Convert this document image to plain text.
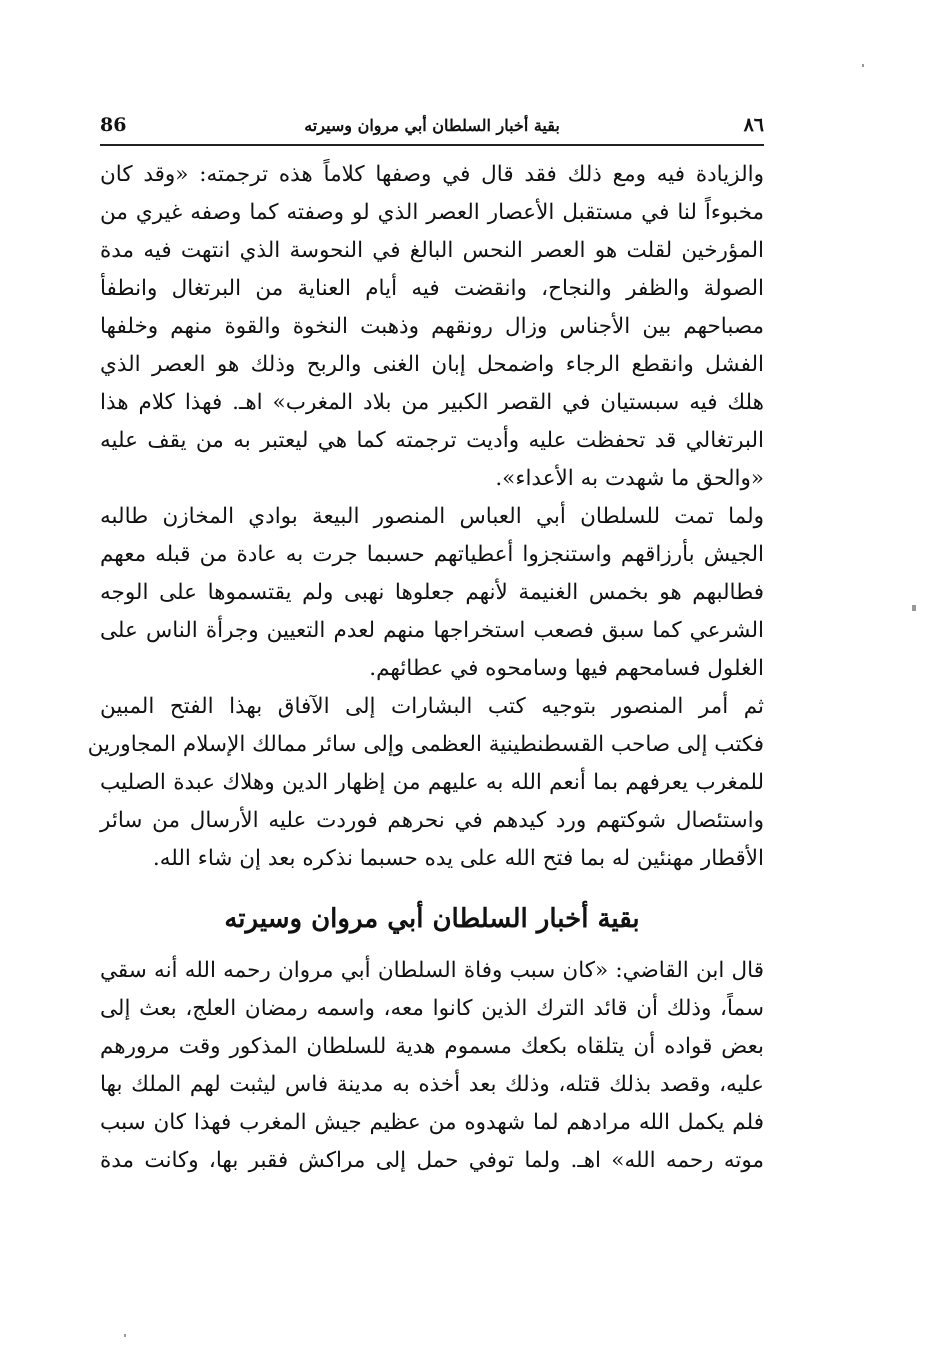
86	بقية أخبار السلطان أبي مروان وسيرته	٨٦
والزيادة فيه ومع ذلك فقد قال في وصفها كلاماً هذه ترجمته: «وقد كان
مخبوءاً لنا في مستقبل الأعصار العصر الذي لو وصفته كما وصفه غيري من
المؤرخين لقلت هو العصر النحس البالغ في النحوسة الذي انتهت فيه مدة
الصولة والظفر والنجاح، وانقضت فيه أيام العناية من البرتغال وانطفأ
مصباحهم بين الأجناس وزال رونقهم وذهبت النخوة والقوة منهم وخلفها
الفشل وانقطع الرجاء واضمحل إبان الغنى والربح وذلك هو العصر الذي
هلك فيه سبستيان في القصر الكبير من بلاد المغرب» اهـ. فهذا كلام هذا
البرتغالي قد تحفظت عليه وأديت ترجمته كما هي ليعتبر به من يقف عليه
«والحق ما شهدت به الأعداء».
ولما تمت للسلطان أبي العباس المنصور البيعة بوادي المخازن طالبه
الجيش بأرزاقهم واستنجزوا أعطياتهم حسبما جرت به عادة من قبله معهم
فطالبهم هو بخمس الغنيمة لأنهم جعلوها نهبى ولم يقتسموها على الوجه
الشرعي كما سبق فصعب استخراجها منهم لعدم التعيين وجرأة الناس على
الغلول فسامحهم فيها وسامحوه في عطائهم.
ثم أمر المنصور بتوجيه كتب البشارات إلى الآفاق بهذا الفتح المبين
فكتب إلى صاحب القسطنطينية العظمى وإلى سائر ممالك الإسلام المجاورين
للمغرب يعرفهم بما أنعم الله به عليهم من إظهار الدين وهلاك عبدة الصليب
واستئصال شوكتهم ورد كيدهم في نحرهم فوردت عليه الأرسال من سائر
الأقطار مهنئين له بما فتح الله على يده حسبما نذكره بعد إن شاء الله.
بقية أخبار السلطان أبي مروان وسيرته
قال ابن القاضي: «كان سبب وفاة السلطان أبي مروان رحمه الله أنه سقي
سماً، وذلك أن قائد الترك الذين كانوا معه، واسمه رمضان العلج، بعث إلى
بعض قواده أن يتلقاه بكعك مسموم هدية للسلطان المذكور وقت مرورهم
عليه، وقصد بذلك قتله، وذلك بعد أخذه به مدينة فاس ليثبت لهم الملك بها
فلم يكمل الله مرادهم لما شهدوه من عظيم جيش المغرب فهذا كان سبب
موته رحمه الله» اهـ. ولما توفي حمل إلى مراكش فقبر بها، وكانت مدة
